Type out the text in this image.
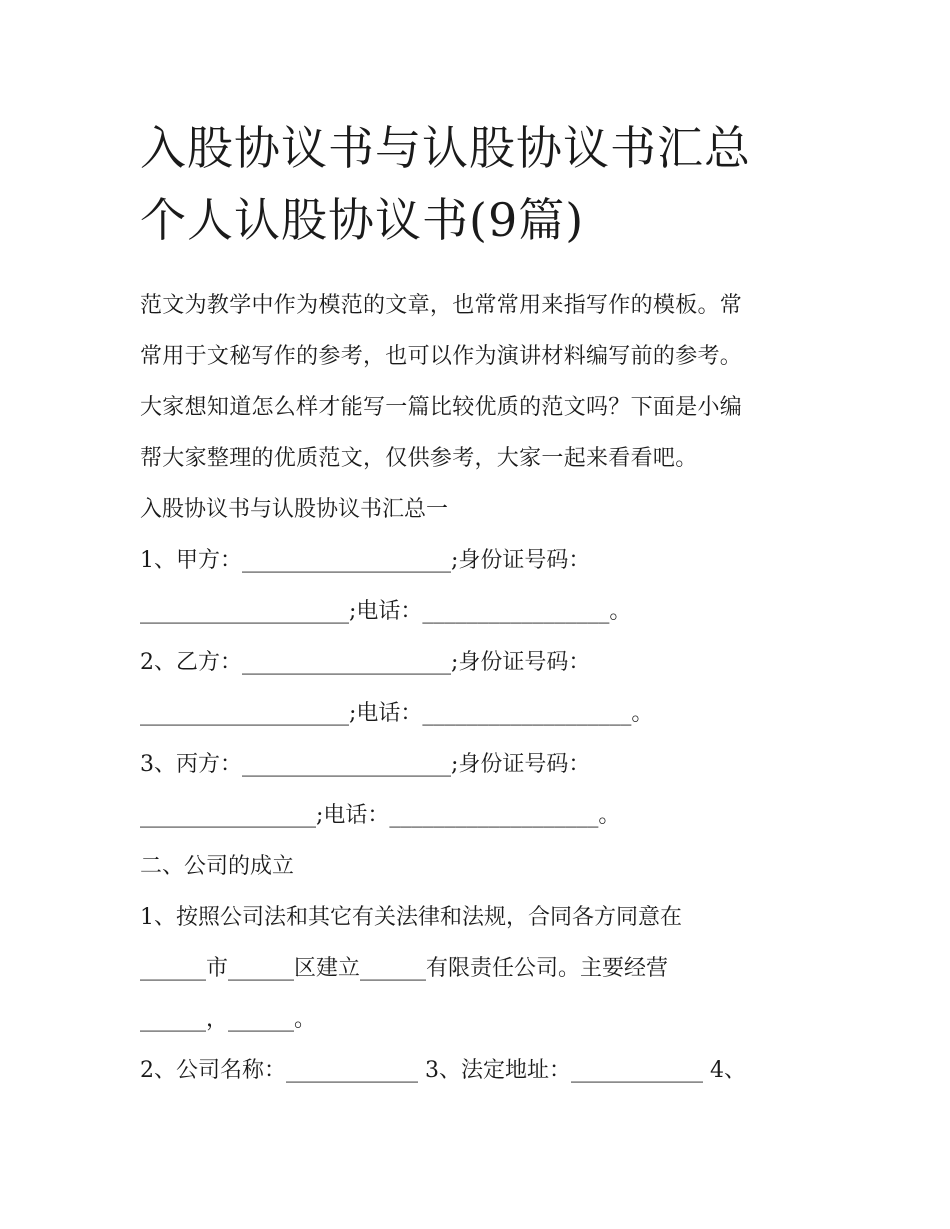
入股协议书与认股协议书汇总
个人认股协议书(9篇)
范文为教学中作为模范的文章，也常常用来指写作的模板。常
常用于文秘写作的参考，也可以作为演讲材料编写前的参考。
大家想知道怎么样才能写一篇比较优质的范文吗？下面是小编
帮大家整理的优质范文，仅供参考，大家一起来看看吧。
入股协议书与认股协议书汇总一
1、甲方：___________________;身份证号码：
___________________;电话：_________________。
2、乙方：___________________;身份证号码：
___________________;电话：___________________。
3、丙方：___________________;身份证号码：
________________;电话：___________________。
二、公司的成立
1、按照公司法和其它有关法律和法规，合同各方同意在
______市______区建立______有限责任公司。主要经营
______，______。
2、公司名称：____________ 3、法定地址：____________ 4、
